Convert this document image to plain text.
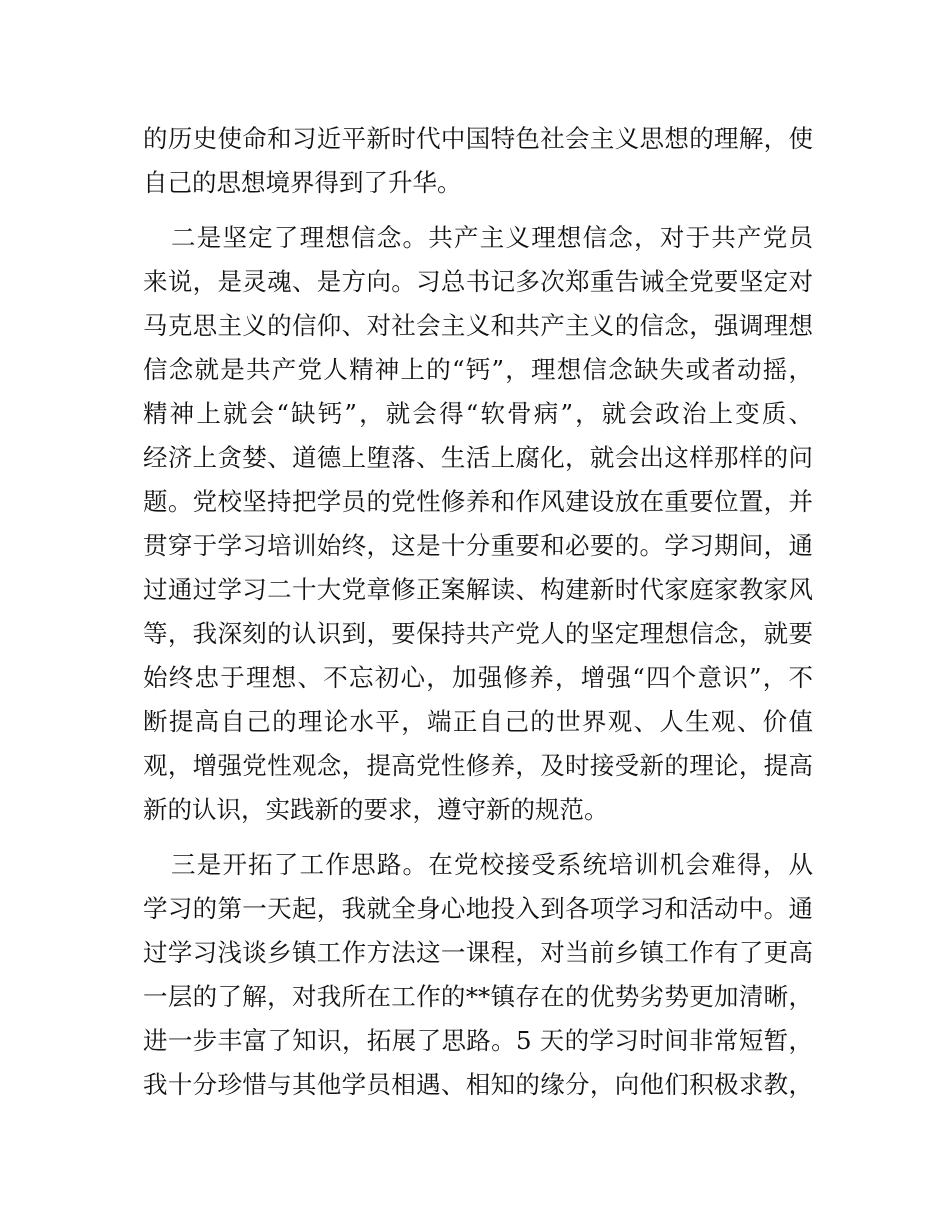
的历史使命和习近平新时代中国特色社会主义思想的理解，使
自己的思想境界得到了升华。
二是坚定了理想信念。共产主义理想信念，对于共产党员
来说，是灵魂、是方向。习总书记多次郑重告诫全党要坚定对
马克思主义的信仰、对社会主义和共产主义的信念，强调理想
信念就是共产党人精神上的“钙”，理想信念缺失或者动摇，
精神上就会“缺钙”，就会得“软骨病”，就会政治上变质、
经济上贪婪、道德上堕落、生活上腐化，就会出这样那样的问
题。党校坚持把学员的党性修养和作风建设放在重要位置，并
贯穿于学习培训始终，这是十分重要和必要的。学习期间，通
过通过学习二十大党章修正案解读、构建新时代家庭家教家风
等，我深刻的认识到，要保持共产党人的坚定理想信念，就要
始终忠于理想、不忘初心，加强修养，增强“四个意识”，不
断提高自己的理论水平，端正自己的世界观、人生观、价值
观，增强党性观念，提高党性修养，及时接受新的理论，提高
新的认识，实践新的要求，遵守新的规范。
三是开拓了工作思路。在党校接受系统培训机会难得，从
学习的第一天起，我就全身心地投入到各项学习和活动中。通
过学习浅谈乡镇工作方法这一课程，对当前乡镇工作有了更高
一层的了解，对我所在工作的**镇存在的优势劣势更加清晰，
进一步丰富了知识，拓展了思路。5 天的学习时间非常短暂，
我十分珍惜与其他学员相遇、相知的缘分，向他们积极求教，
